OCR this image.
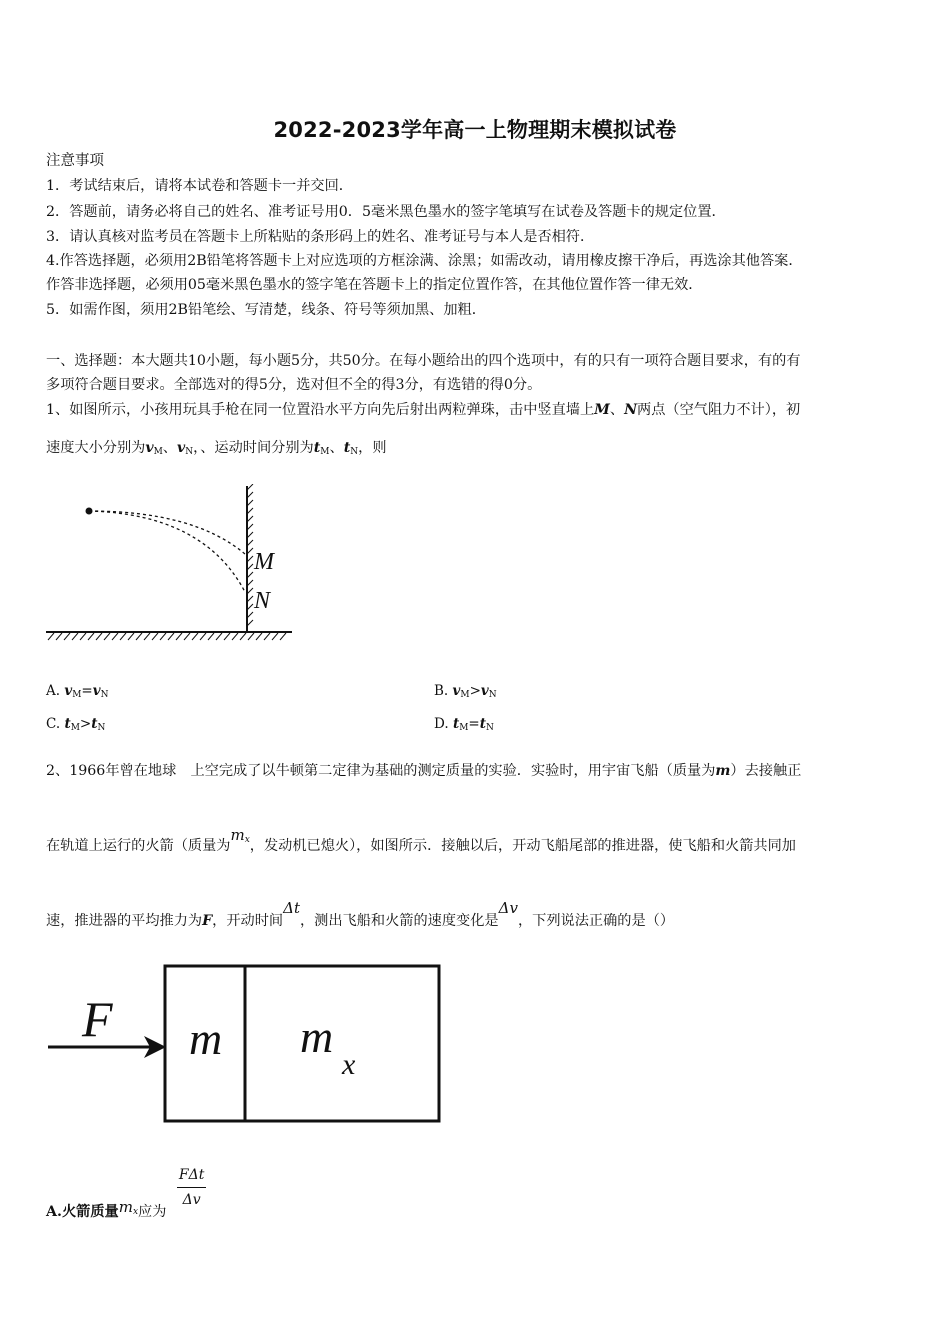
2022-2023学年高一上物理期末模拟试卷
注意事项
1．考试结束后，请将本试卷和答题卡一并交回．
2．答题前，请务必将自己的姓名、准考证号用0．5毫米黑色墨水的签字笔填写在试卷及答题卡的规定位置．
3．请认真核对监考员在答题卡上所粘贴的条形码上的姓名、准考证号与本人是否相符．
4.作答选择题，必须用2B铅笔将答题卡上对应选项的方框涂满、涂黑；如需改动，请用橡皮擦干净后，再选涂其他答案．
作答非选择题，必须用05毫米黑色墨水的签字笔在答题卡上的指定位置作答，在其他位置作答一律无效．
5．如需作图，须用2B铅笔绘、写清楚，线条、符号等须加黑、加粗．
一、选择题：本大题共10小题，每小题5分，共50分。在每小题给出的四个选项中，有的只有一项符合题目要求，有的有
多项符合题目要求。全部选对的得5分，选对但不全的得3分，有选错的得0分。
1、如图所示，小孩用玩具手枪在同一位置沿水平方向先后射出两粒弹珠，击中竖直墙上M、N两点（空气阻力不计），初
速度大小分别为$v_M$、$v_N$，、运动时间分别为$t_M$、$t_N$，则
M
N
A. $v_M=v_N$	B. $v_M>v_N$
C. $t_M>t_N$	D. $t_M=t_N$
2、1966年曾在地球　上空完成了以牛顿第二定律为基础的测定质量的实验．实验时，用宇宙飞船（质量为m）去接触正
在轨道上运行的火箭（质量为$m_x$，发动机已熄火），如图所示．接触以后，开动飞船尾部的推进器，使飞船和火箭共同加
速，推进器的平均推力为F，开动时间Δt，测出飞船和火箭的速度变化是Δv，下列说法正确的是（）
F m m
x
A.火箭质量$m_x$应为
$\frac{\text{FΔt}}{\Delta v}$
